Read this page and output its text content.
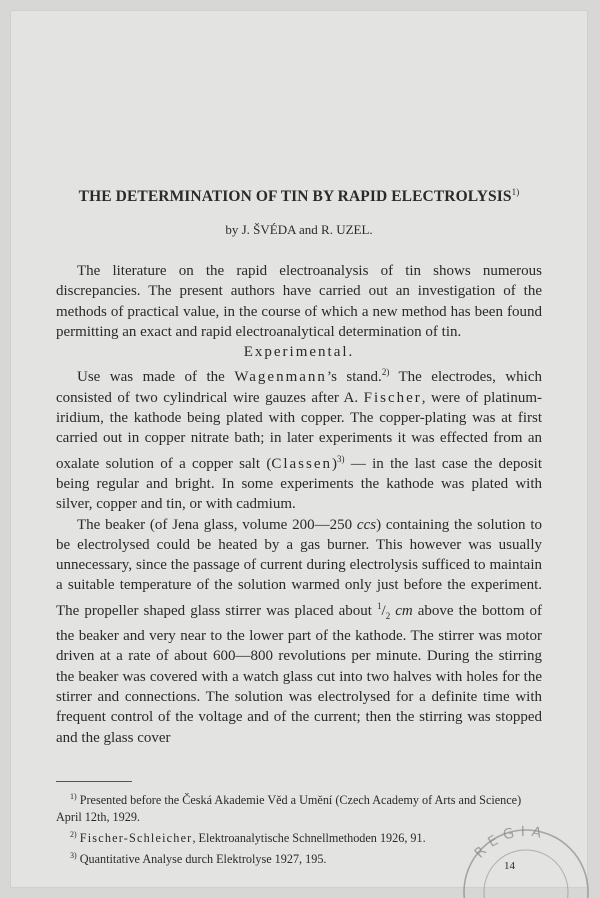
THE DETERMINATION OF TIN BY RAPID ELECTROLYSIS$^{1)}$
by J. ŠVÉDA and R. UZEL.

The literature on the rapid electroanalysis of tin shows numerous discrepancies. The present authors have carried out an investigation of the methods of practical value, in the course of which a new method has been found permitting an exact and rapid electroanalytical determination of tin.

Experimental.

Use was made of the Wagenmann’s stand.$^{2)}$ The electrodes, which consisted of two cylindrical wire gauzes after A. Fischer, were of platinum-iridium, the kathode being plated with copper. The copper-plating was at first carried out in copper nitrate bath; in later experiments it was effected from an oxalate solution of a copper salt (Classen)$^{3)}$ — in the last case the deposit being regular and bright. In some experiments the kathode was plated with silver, copper and tin, or with cadmium.

The beaker (of Jena glass, volume 200—250 ccs) containing the solution to be electrolysed could be heated by a gas burner. This however was usually unnecessary, since the passage of current during electrolysis sufficed to maintain a suitable temperature of the solution warmed only just before the experiment. The propeller shaped glass stirrer was placed about $^1/_2$ cm above the bottom of the beaker and very near to the lower part of the kathode. The stirrer was motor driven at a rate of about 600—800 revolutions per minute. During the stirring the beaker was covered with a watch glass cut into two halves with holes for the stirrer and connections. The solution was electrolysed for a definite time with frequent control of the voltage and of the current; then the stirring was stopped and the glass cover

$^{1)}$ Presented before the Česká Akademie Věd a Umění (Czech Academy of Arts and Science) April 12th, 1929.
$^{2)}$ Fischer-Schleicher, Elektroanalytische Schnellmethoden 1926, 91.
$^{3)}$ Quantitative Analyse durch Elektrolyse 1927, 195.	14
REGIA
